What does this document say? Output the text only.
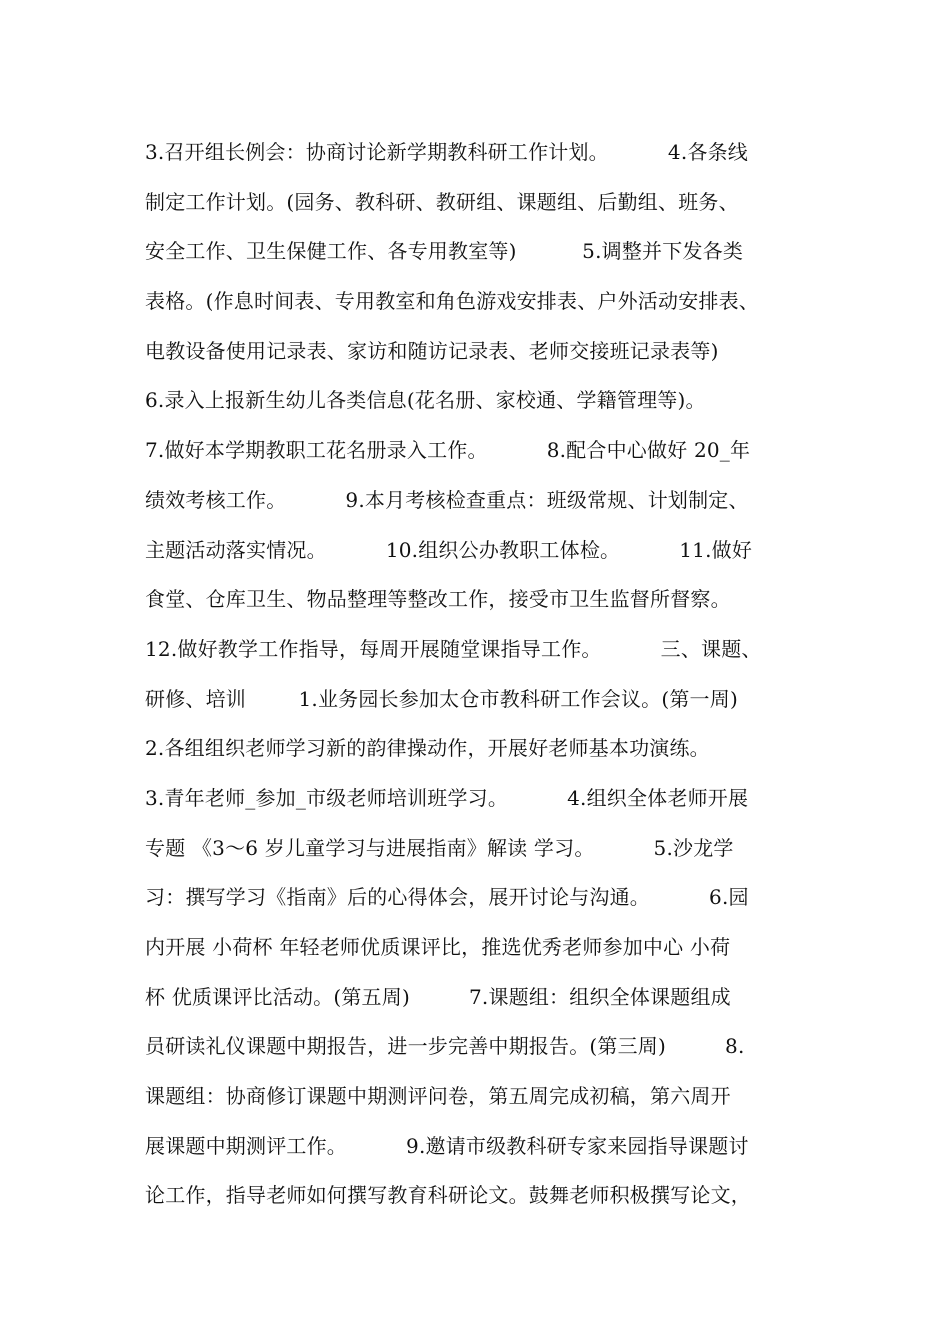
3.召开组长例会：协商讨论新学期教科研工作计划。         4.各条线
制定工作计划。(园务、教科研、教研组、课题组、后勤组、班务、
安全工作、卫生保健工作、各专用教室等)          5.调整并下发各类
表格。(作息时间表、专用教室和角色游戏安排表、户外活动安排表、
电教设备使用记录表、家访和随访记录表、老师交接班记录表等)
6.录入上报新生幼儿各类信息(花名册、家校通、学籍管理等)。
7.做好本学期教职工花名册录入工作。         8.配合中心做好 20_年
绩效考核工作。         9.本月考核检查重点：班级常规、计划制定、
主题活动落实情况。         10.组织公办教职工体检。         11.做好
食堂、仓库卫生、物品整理等整改工作，接受市卫生监督所督察。
12.做好教学工作指导，每周开展随堂课指导工作。         三、课题、
研修、培训        1.业务园长参加太仓市教科研工作会议。(第一周)
2.各组组织老师学习新的韵律操动作，开展好老师基本功演练。
3.青年老师_参加_市级老师培训班学习。         4.组织全体老师开展
专题 《3～6 岁儿童学习与进展指南》解读 学习。         5.沙龙学
习：撰写学习《指南》后的心得体会，展开讨论与沟通。         6.园
内开展 小荷杯 年轻老师优质课评比，推选优秀老师参加中心 小荷
杯 优质课评比活动。(第五周)         7.课题组：组织全体课题组成
员研读礼仪课题中期报告，进一步完善中期报告。(第三周)         8.
课题组：协商修订课题中期测评问卷，第五周完成初稿，第六周开
展课题中期测评工作。         9.邀请市级教科研专家来园指导课题讨
论工作，指导老师如何撰写教育科研论文。鼓舞老师积极撰写论文，
